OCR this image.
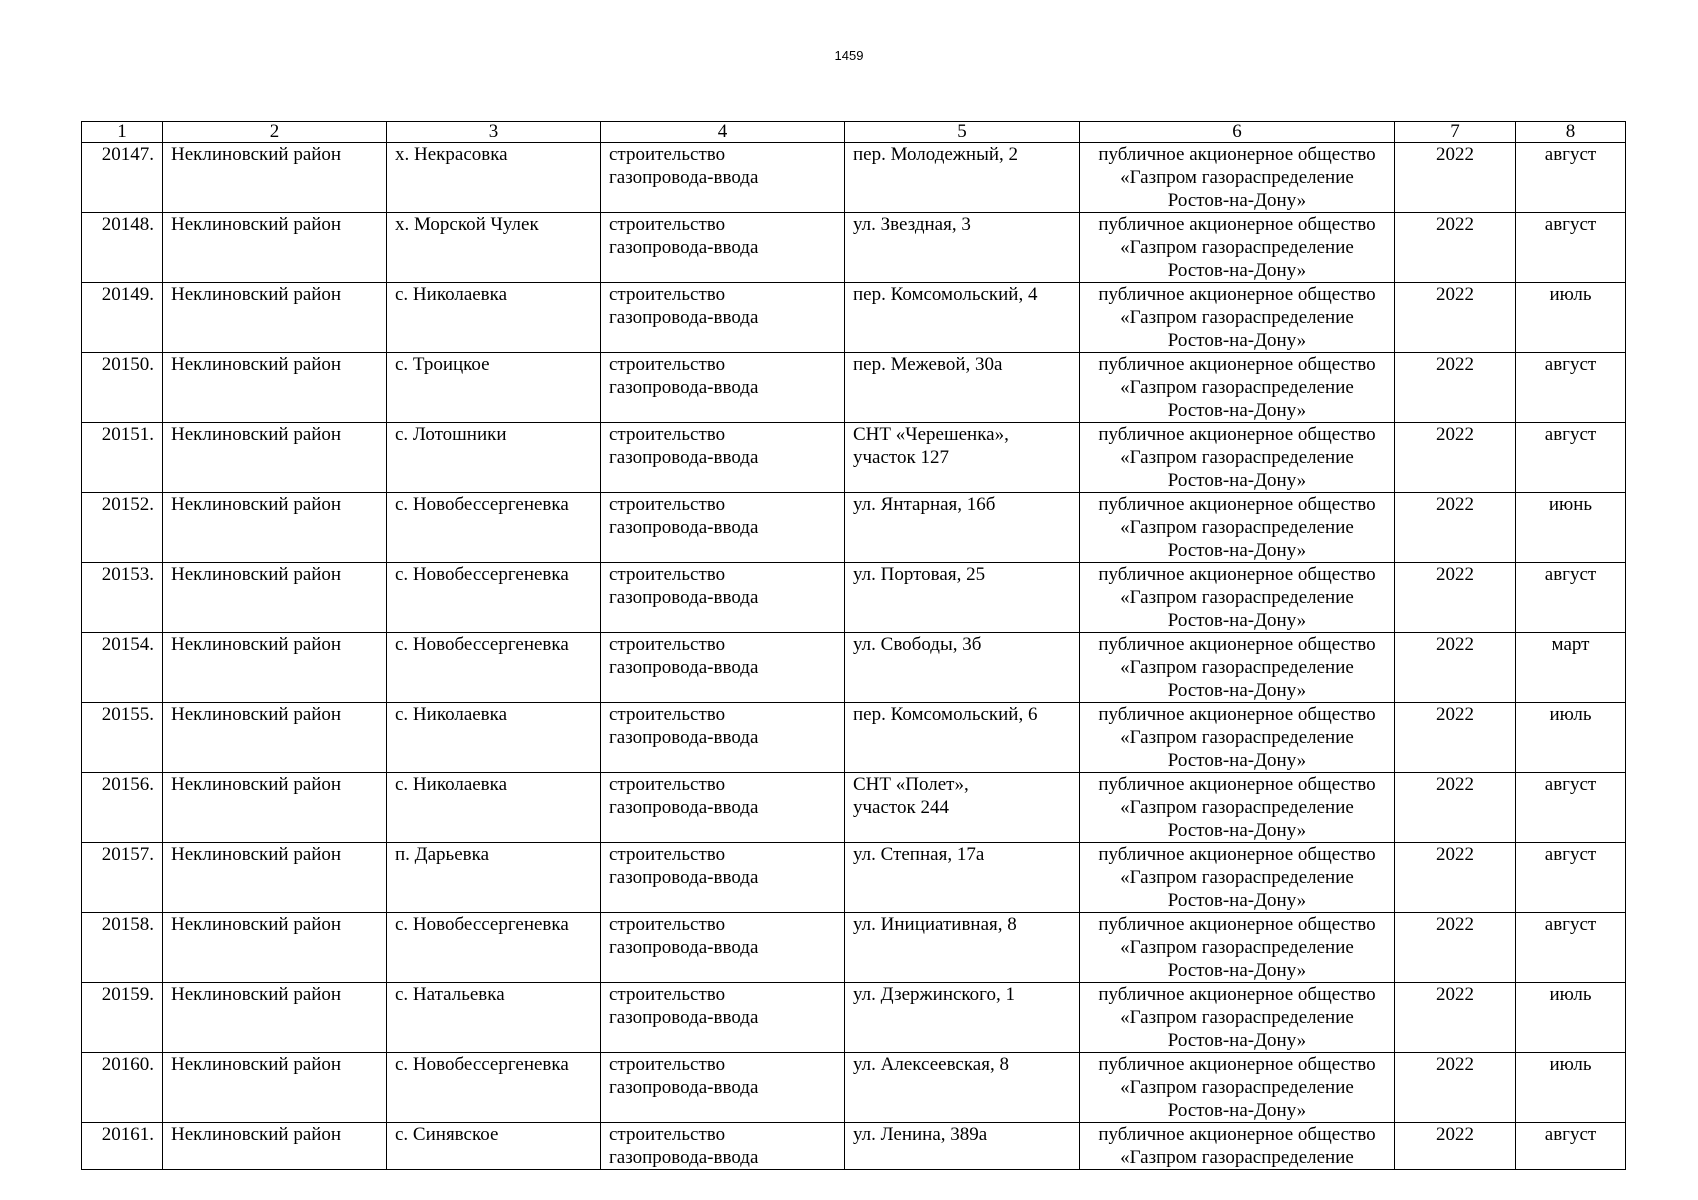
1459
1	2	3	4	5	6	7	8
20147.	Неклиновский район	х. Некрасовка	строительство
газопровода-ввода	пер. Молодежный, 2	публичное акционерное общество
«Газпром газораспределение
Ростов-на-Дону»	2022	август
20148.	Неклиновский район	х. Морской Чулек	строительство
газопровода-ввода	ул. Звездная, 3	публичное акционерное общество
«Газпром газораспределение
Ростов-на-Дону»	2022	август
20149.	Неклиновский район	с. Николаевка	строительство
газопровода-ввода	пер. Комсомольский, 4	публичное акционерное общество
«Газпром газораспределение
Ростов-на-Дону»	2022	июль
20150.	Неклиновский район	с. Троицкое	строительство
газопровода-ввода	пер. Межевой, 30а	публичное акционерное общество
«Газпром газораспределение
Ростов-на-Дону»	2022	август
20151.	Неклиновский район	с. Лотошники	строительство
газопровода-ввода	СНТ «Черешенка»,
участок 127	публичное акционерное общество
«Газпром газораспределение
Ростов-на-Дону»	2022	август
20152.	Неклиновский район	с. Новобессергеневка	строительство
газопровода-ввода	ул. Янтарная, 16б	публичное акционерное общество
«Газпром газораспределение
Ростов-на-Дону»	2022	июнь
20153.	Неклиновский район	с. Новобессергеневка	строительство
газопровода-ввода	ул. Портовая, 25	публичное акционерное общество
«Газпром газораспределение
Ростов-на-Дону»	2022	август
20154.	Неклиновский район	с. Новобессергеневка	строительство
газопровода-ввода	ул. Свободы, 3б	публичное акционерное общество
«Газпром газораспределение
Ростов-на-Дону»	2022	март
20155.	Неклиновский район	с. Николаевка	строительство
газопровода-ввода	пер. Комсомольский, 6	публичное акционерное общество
«Газпром газораспределение
Ростов-на-Дону»	2022	июль
20156.	Неклиновский район	с. Николаевка	строительство
газопровода-ввода	СНТ «Полет»,
участок 244	публичное акционерное общество
«Газпром газораспределение
Ростов-на-Дону»	2022	август
20157.	Неклиновский район	п. Дарьевка	строительство
газопровода-ввода	ул. Степная, 17а	публичное акционерное общество
«Газпром газораспределение
Ростов-на-Дону»	2022	август
20158.	Неклиновский район	с. Новобессергеневка	строительство
газопровода-ввода	ул. Инициативная, 8	публичное акционерное общество
«Газпром газораспределение
Ростов-на-Дону»	2022	август
20159.	Неклиновский район	с. Натальевка	строительство
газопровода-ввода	ул. Дзержинского, 1	публичное акционерное общество
«Газпром газораспределение
Ростов-на-Дону»	2022	июль
20160.	Неклиновский район	с. Новобессергеневка	строительство
газопровода-ввода	ул. Алексеевская, 8	публичное акционерное общество
«Газпром газораспределение
Ростов-на-Дону»	2022	июль
20161.	Неклиновский район	с. Синявское	строительство
газопровода-ввода	ул. Ленина, 389а	публичное акционерное общество
«Газпром газораспределение	2022	август
